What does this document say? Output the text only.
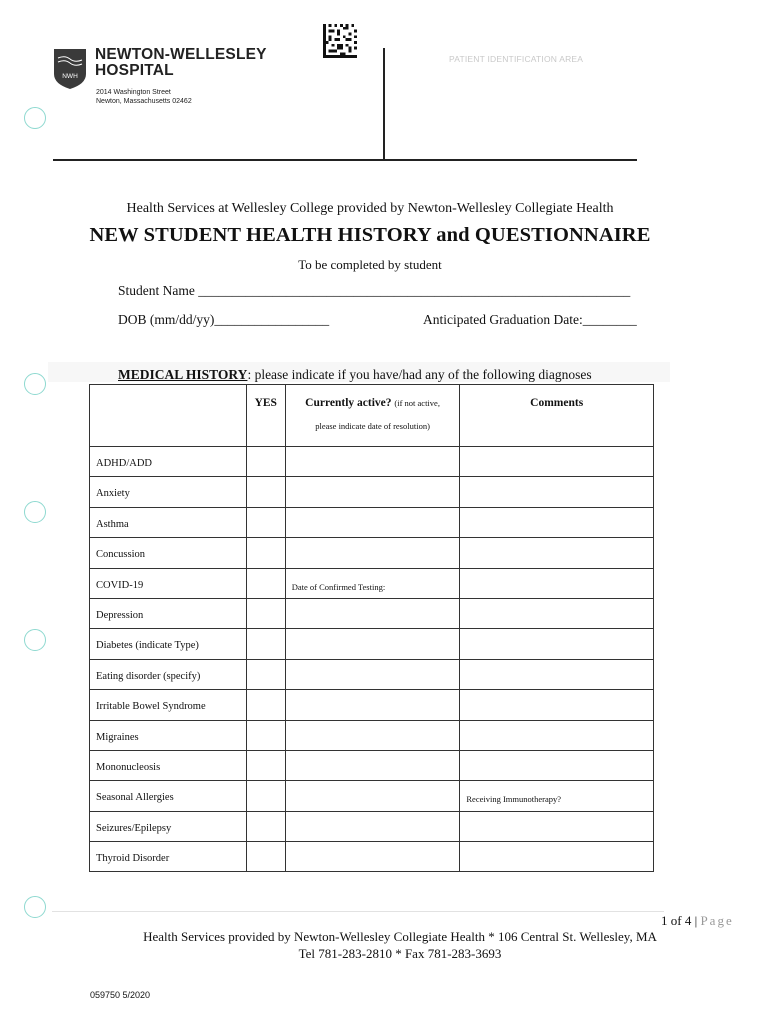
NWH
NEWTON-WELLESLEY
HOSPITAL
2014 Washington Street
Newton, Massachusetts 02462
PATIENT IDENTIFICATION AREA
Health Services at Wellesley College provided by Newton-Wellesley Collegiate Health
NEW STUDENT HEALTH HISTORY and QUESTIONNAIRE
To be completed by student
Student Name ________________________________________________________________
DOB (mm/dd/yy)_________________	Anticipated Graduation Date:________
MEDICAL HISTORY: please indicate if you have/had any of the following diagnoses
	YES	Currently active? (if not active,
please indicate date of resolution)	Comments
ADHD/ADD			
Anxiety			
Asthma			
Concussion			
COVID-19		Date of Confirmed Testing:	
Depression			
Diabetes (indicate Type)			
Eating disorder (specify)			
Irritable Bowel Syndrome			
Migraines			
Mononucleosis			
Seasonal Allergies			Receiving Immunotherapy?
Seizures/Epilepsy			
Thyroid Disorder			
1 of 4 | Page
Health Services provided by Newton-Wellesley Collegiate Health * 106 Central St. Wellesley, MA
Tel 781-283-2810 * Fax 781-283-3693
059750 5/2020
